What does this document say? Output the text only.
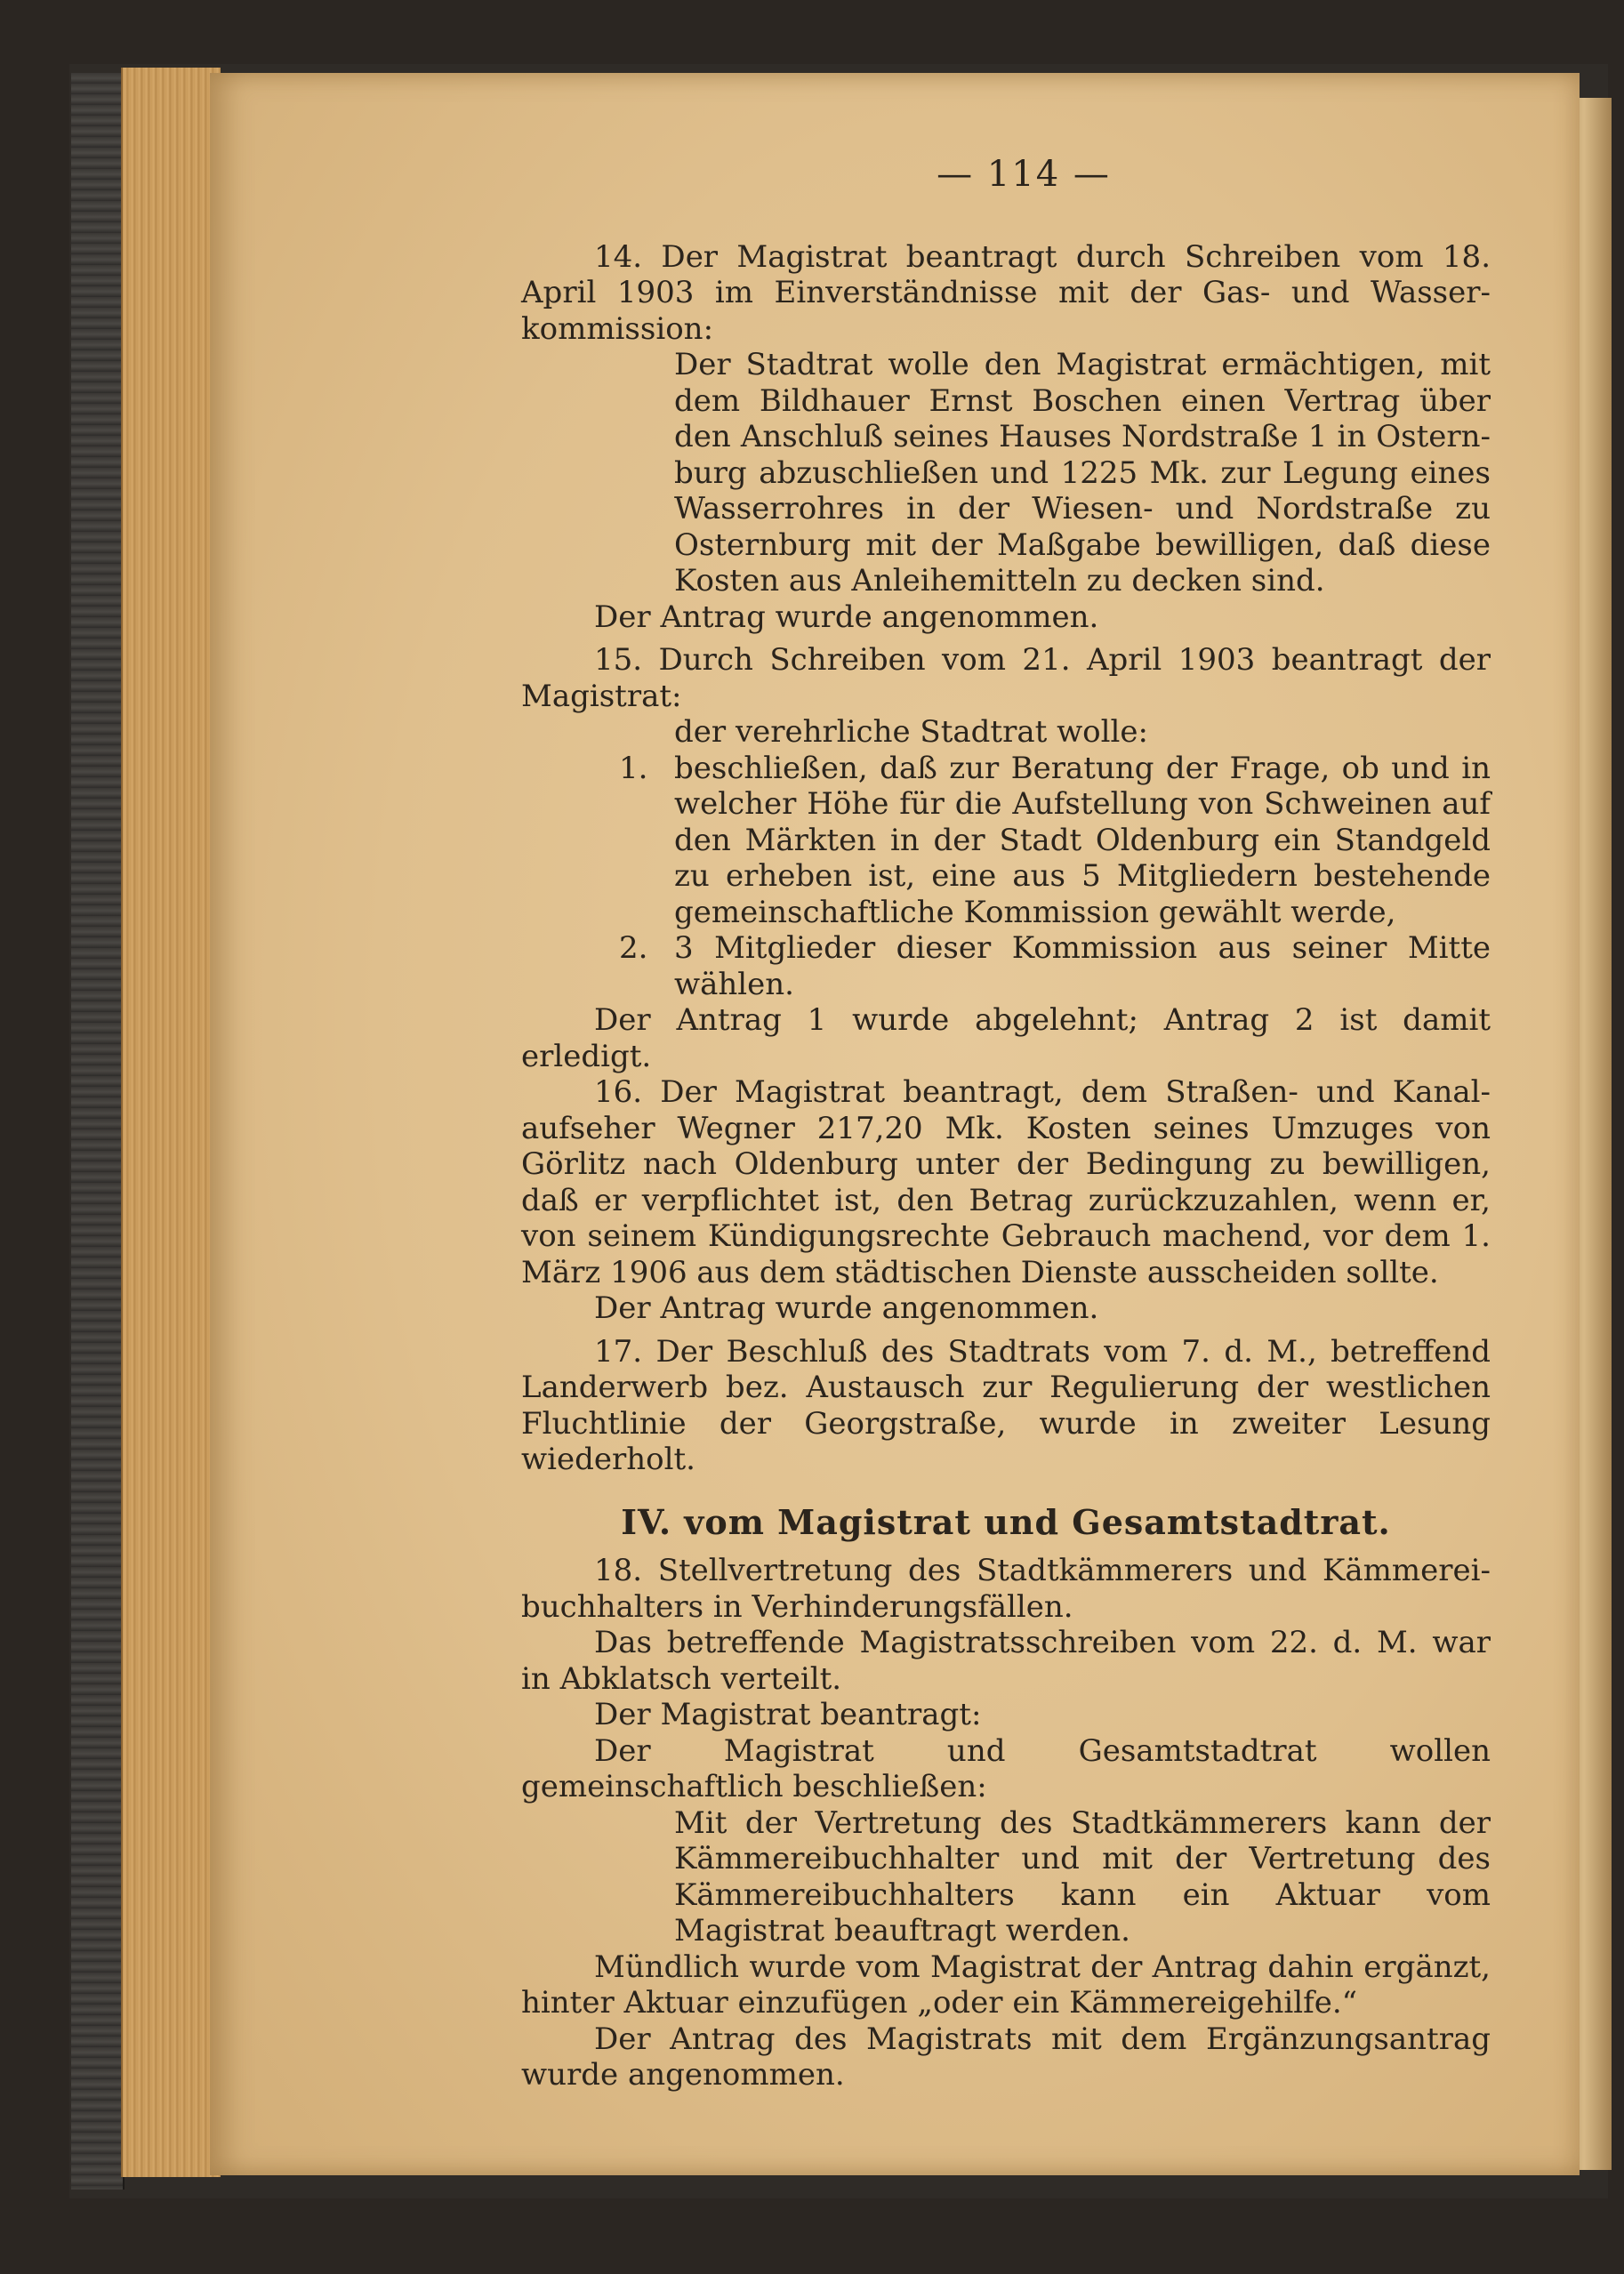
— 114 —

14. Der Magistrat beantragt durch Schreiben vom 18. April 1903 im Einverständnisse mit der Gas- und Wasser-kommission:

Der Stadtrat wolle den Magistrat ermächtigen, mit dem Bildhauer Ernst Boschen einen Vertrag über den Anschluß seines Hauses Nordstraße 1 in Ostern-burg abzuschließen und 1225 Mk. zur Legung eines Wasserrohres in der Wiesen- und Nordstraße zu Osternburg mit der Maßgabe bewilligen, daß diese Kosten aus Anleihemitteln zu decken sind.

Der Antrag wurde angenommen.

15. Durch Schreiben vom 21. April 1903 beantragt der Magistrat:

der verehrliche Stadtrat wolle:

1. beschließen, daß zur Beratung der Frage, ob und in welcher Höhe für die Aufstellung von Schweinen auf den Märkten in der Stadt Oldenburg ein Standgeld zu erheben ist, eine aus 5 Mitgliedern bestehende gemeinschaftliche Kommission gewählt werde,
2. 3 Mitglieder dieser Kommission aus seiner Mitte wählen.

Der Antrag 1 wurde abgelehnt; Antrag 2 ist damit erledigt.

16. Der Magistrat beantragt, dem Straßen- und Kanal-aufseher Wegner 217,20 Mk. Kosten seines Umzuges von Görlitz nach Oldenburg unter der Bedingung zu bewilligen, daß er verpflichtet ist, den Betrag zurückzuzahlen, wenn er, von seinem Kündigungsrechte Gebrauch machend, vor dem 1. März 1906 aus dem städtischen Dienste ausscheiden sollte.

Der Antrag wurde angenommen.

17. Der Beschluß des Stadtrats vom 7. d. M., betreffend Landerwerb bez. Austausch zur Regulierung der westlichen Fluchtlinie der Georgstraße, wurde in zweiter Lesung wiederholt.

IV. vom Magistrat und Gesamtstadtrat.

18. Stellvertretung des Stadtkämmerers und Kämmerei-buchhalters in Verhinderungsfällen.

Das betreffende Magistratsschreiben vom 22. d. M. war in Abklatsch verteilt.

Der Magistrat beantragt:

Der Magistrat und Gesamtstadtrat wollen gemeinschaftlich beschließen:

Mit der Vertretung des Stadtkämmerers kann der Kämmereibuchhalter und mit der Vertretung des Kämmereibuchhalters kann ein Aktuar vom Magistrat beauftragt werden.

Mündlich wurde vom Magistrat der Antrag dahin ergänzt, hinter Aktuar einzufügen „oder ein Kämmereigehilfe.“

Der Antrag des Magistrats mit dem Ergänzungsantrag wurde angenommen.
